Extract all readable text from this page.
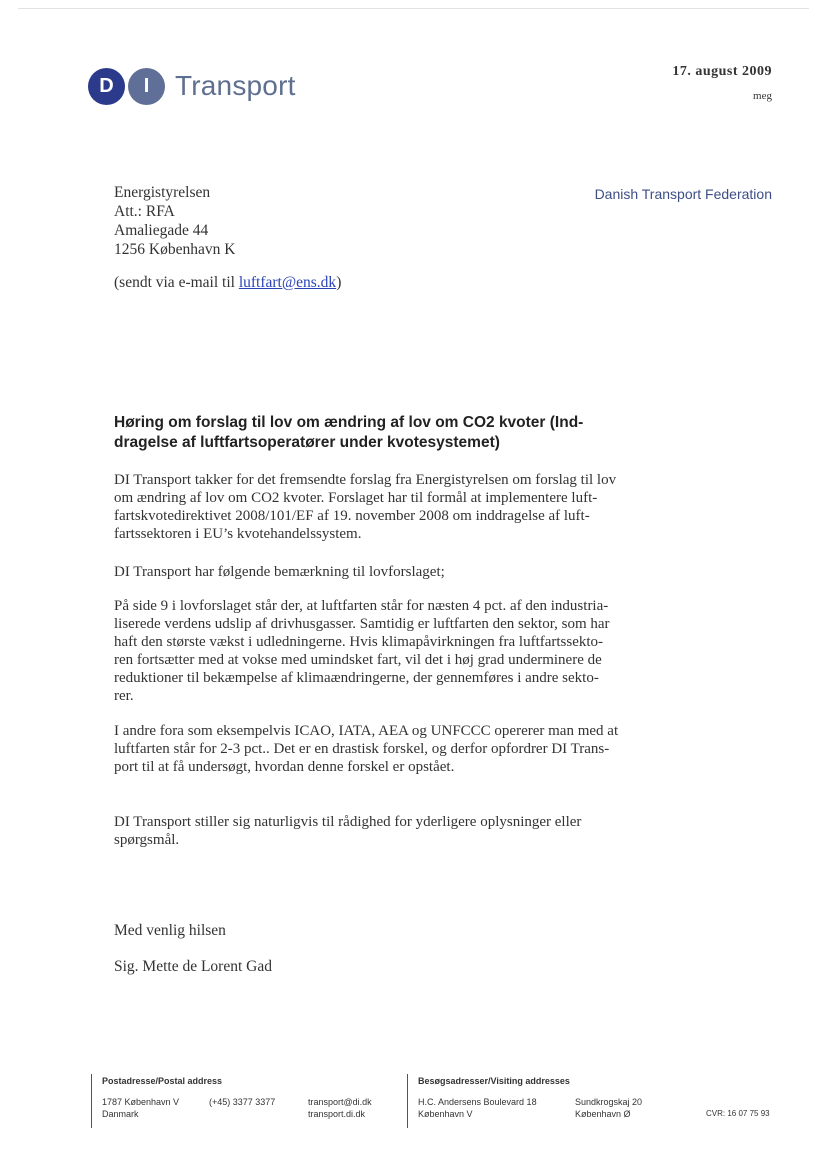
D	I Transport	17. august 2009
meg
Danish Transport Federation
Energistyrelsen
Att.: RFA
Amaliegade 44
1256 København K
(sendt via e-mail til luftfart@ens.dk)
Høring om forslag til lov om ændring af lov om CO2 kvoter (Ind-
dragelse af luftfartsoperatører under kvotesystemet)

DI Transport takker for det fremsendte forslag fra Energistyrelsen om forslag til lov

om ændring af lov om CO2 kvoter. Forslaget har til formål at implementere luft-

fartskvotedirektivet 2008/101/EF af 19. november 2008 om inddragelse af luft-

fartssektoren i EU’s kvotehandelssystem.

DI Transport har følgende bemærkning til lovforslaget;

På side 9 i lovforslaget står der, at luftfarten står for næsten 4 pct. af den industria-

liserede verdens udslip af drivhusgasser. Samtidig er luftfarten den sektor, som har

haft den største vækst i udledningerne. Hvis klimapåvirkningen fra luftfartssekto-

ren fortsætter med at vokse med umindsket fart, vil det i høj grad underminere de

reduktioner til bekæmpelse af klimaændringerne, der gennemføres i andre sekto-

rer.

I andre fora som eksempelvis ICAO, IATA, AEA og UNFCCC opererer man med at

luftfarten står for 2-3 pct.. Det er en drastisk forskel, og derfor opfordrer DI Trans-

port til at få undersøgt, hvordan denne forskel er opstået.

DI Transport stiller sig naturligvis til rådighed for yderligere oplysninger eller

spørgsmål.

Med venlig hilsen
Sig. Mette de Lorent Gad
Postadresse/Postal address
1787 København V
Danmark
(+45) 3377 3377	transport@di.dk
transport.di.dk
Besøgsadresser/Visiting addresses
H.C. Andersens Boulevard 18
København V
Sundkrogskaj 20
København Ø	CVR: 16 07 75 93
